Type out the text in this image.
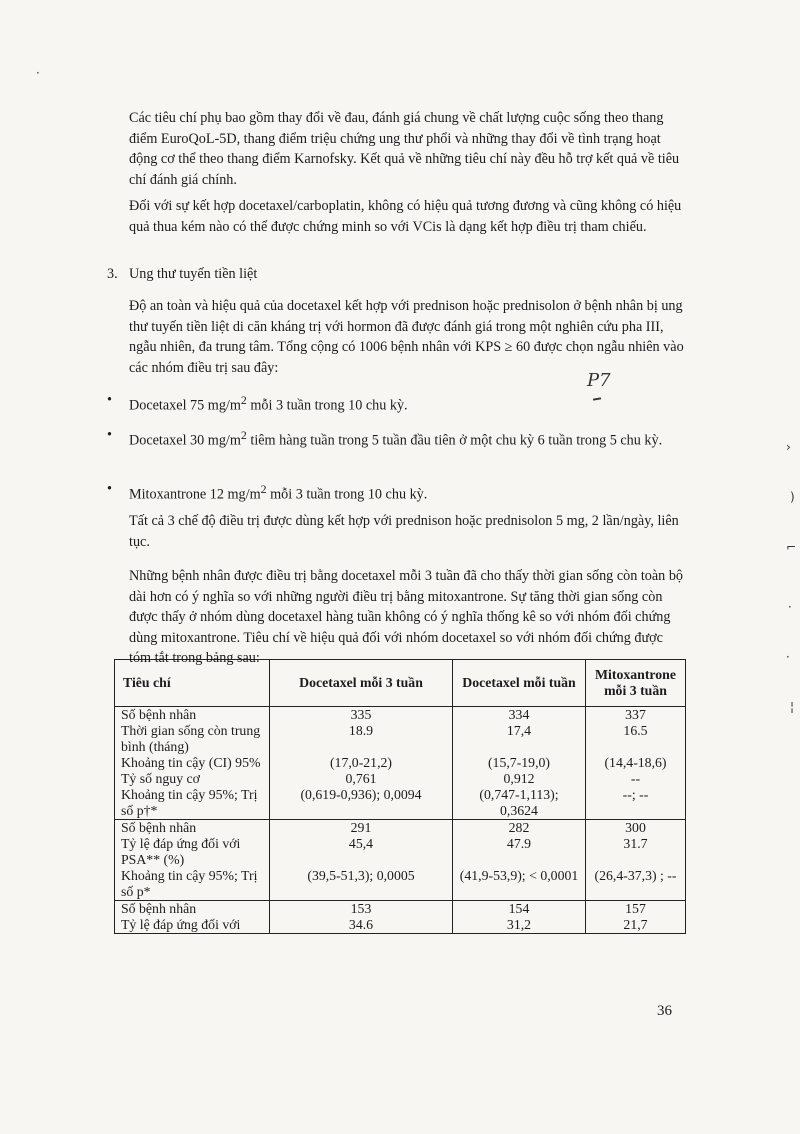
Các tiêu chí phụ bao gồm thay đổi về đau, đánh giá chung về chất lượng cuộc sống theo thang điểm EuroQoL-5D, thang điểm triệu chứng ung thư phổi và những thay đổi về tình trạng hoạt động cơ thể theo thang điểm Karnofsky. Kết quả về những tiêu chí này đều hỗ trợ kết quả về tiêu chí đánh giá chính.

Đối với sự kết hợp docetaxel/carboplatin, không có hiệu quả tương đương và cũng không có hiệu quả thua kém nào có thể được chứng minh so với VCis là dạng kết hợp điều trị tham chiếu.

3. Ung thư tuyến tiền liệt

Độ an toàn và hiệu quả của docetaxel kết hợp với prednison hoặc prednisolon ở bệnh nhân bị ung thư tuyến tiền liệt di căn kháng trị với hormon đã được đánh giá trong một nghiên cứu pha III, ngẫu nhiên, đa trung tâm. Tổng cộng có 1006 bệnh nhân với KPS ≥ 60 được chọn ngẫu nhiên vào các nhóm điều trị sau đây:

P7
•	Docetaxel 75 $mg/m^2$ mỗi 3 tuần trong 10 chu kỳ.
•	Docetaxel 30 $mg/m^2$ tiêm hàng tuần trong 5 tuần đầu tiên ở một chu kỳ 6 tuần trong 5 chu kỳ.
•	Mitoxantrone 12 $mg/m^2$ mỗi 3 tuần trong 10 chu kỳ.

Tất cả 3 chế độ điều trị được dùng kết hợp với prednison hoặc prednisolon 5 mg, 2 lần/ngày, liên tục.

Những bệnh nhân được điều trị bằng docetaxel mỗi 3 tuần đã cho thấy thời gian sống còn toàn bộ dài hơn có ý nghĩa so với những người điều trị bằng mitoxantrone. Sự tăng thời gian sống còn được thấy ở nhóm dùng docetaxel hàng tuần không có ý nghĩa thống kê so với nhóm đối chứng dùng mitoxantrone. Tiêu chí về hiệu quả đối với nhóm docetaxel so với nhóm đối chứng được tóm tắt trong bảng sau:

Tiêu chí	Docetaxel mỗi 3 tuần	Docetaxel mỗi tuần	Mitoxantrone mỗi 3 tuần
Số bệnh nhân	335	334	337
Thời gian sống còn trung bình (tháng)	18.9	17,4	16.5
Khoảng tin cậy (CI) 95%	(17,0-21,2)	(15,7-19,0)	(14,4-18,6)
Tỷ số nguy cơ	0,761	0,912	--
Khoảng tin cậy 95%; Trị số p†*	(0,619-0,936); 0,0094	(0,747-1,113); 0,3624	--; --
Số bệnh nhân	291	282	300
Tỷ lệ đáp ứng đối với PSA** (%)	45,4	47.9	31.7
Khoảng tin cậy 95%; Trị số p*	(39,5-51,3); 0,0005	(41,9-53,9); < 0,0001	(26,4-37,3) ; --
Số bệnh nhân	153	154	157
Tỷ lệ đáp ứng đối với	34.6	31,2	21,7
36
·
›
)
⌐
·
·
¦
